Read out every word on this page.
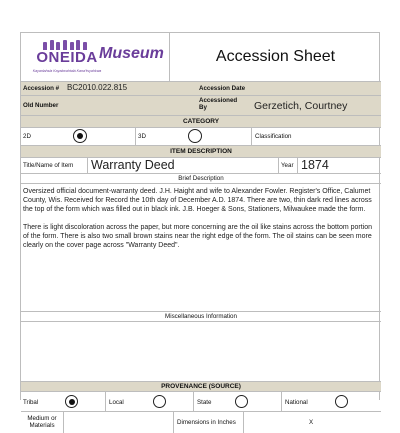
ONEIDA
Kayanlahsla Kayakwahtalá Kanaˀtsyahkwa
Museum	Accession Sheet
Accession # BC2010.022.815	Accession Date
Old Number
Accessioned By	Gerzetich, Courtney
CATEGORY
2D	3D	Classification
ITEM DESCRIPTION
Title/Name of Item Warranty Deed	Year 1874
Brief Description

Oversized official document-warranty deed. J.H. Haight and wife to Alexander Fowler. Register's Office, Calumet County, Wis. Received for Record the 10th day of December A.D. 1874. There are two, thin dark red lines across the top of the form which was filled out in black ink. J.B. Hoeger & Sons, Stationers, Milwaukee made the form.

There is light discoloration across the paper, but more concerning are the oil like stains across the bottom portion of the form. There is also two small brown stains near the right edge of the form. The oil stains can be seen more clearly on the cover page across "Warranty Deed".

Miscellaneous Information
PROVENANCE (SOURCE)
Tribal	Local	State	National
Medium or Materials	Dimensions in Inches	X
